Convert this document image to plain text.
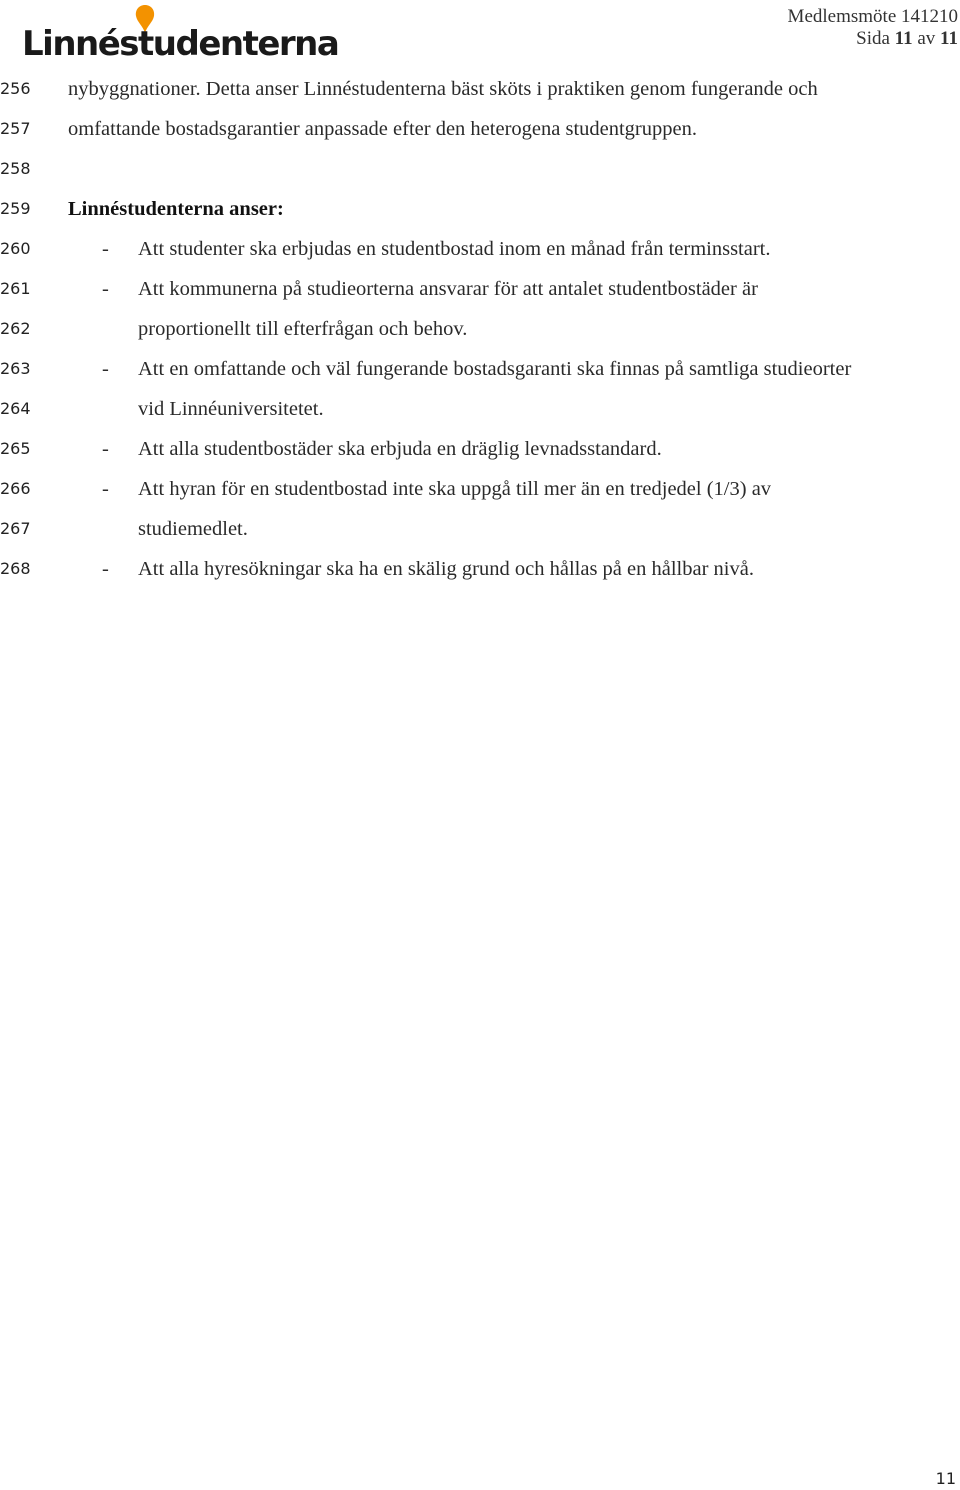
Linnéstudenterna
Medlemsmöte 141210
Sida 11 av 11
256	nybyggnationer. Detta anser Linnéstudenterna bäst sköts i praktiken genom fungerande och
257	omfattande bostadsgarantier anpassade efter den heterogena studentgruppen.
258
259	Linnéstudenterna anser:
260	- Att studenter ska erbjudas en studentbostad inom en månad från terminsstart.
261	- Att kommunerna på studieorterna ansvarar för att antalet studentbostäder är
262	proportionellt till efterfrågan och behov.
263	- Att en omfattande och väl fungerande bostadsgaranti ska finnas på samtliga studieorter
264	vid Linnéuniversitetet.
265	- Att alla studentbostäder ska erbjuda en dräglig levnadsstandard.
266	- Att hyran för en studentbostad inte ska uppgå till mer än en tredjedel (1/3) av
267	studiemedlet.
268	- Att alla hyresökningar ska ha en skälig grund och hållas på en hållbar nivå.
11
